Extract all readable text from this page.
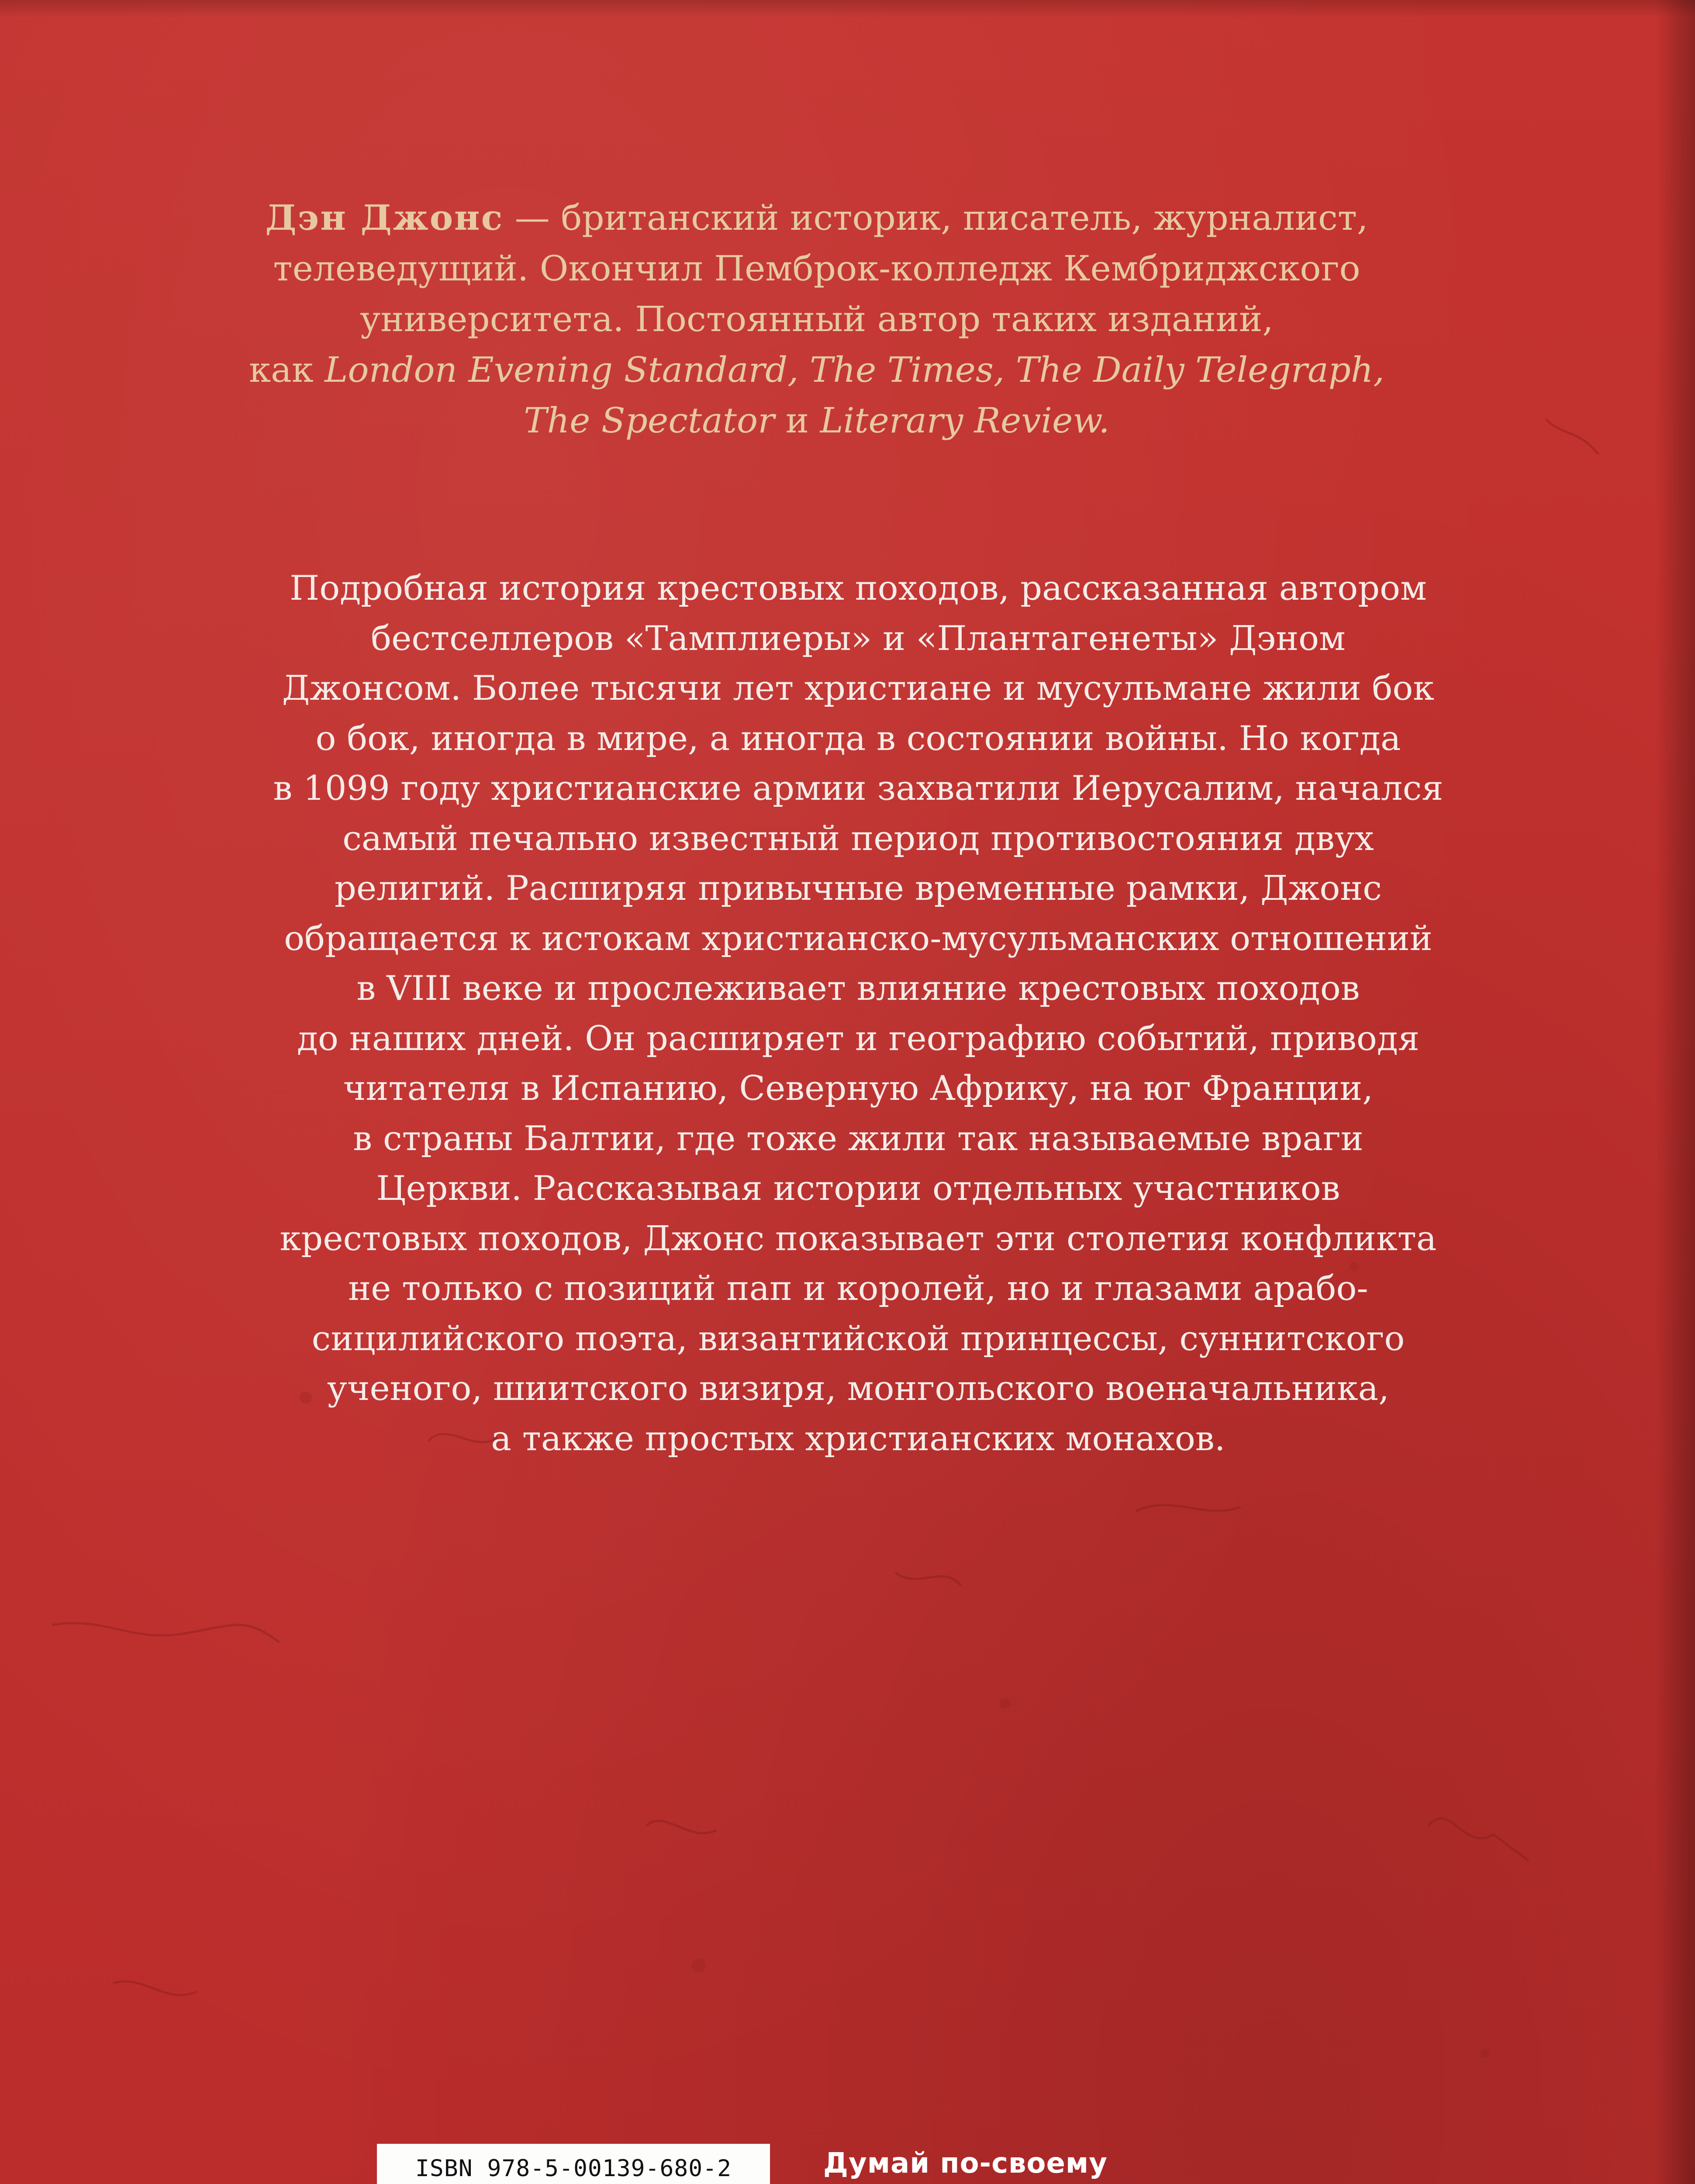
Дэн Джонс — британский историк, писатель, журналист,
телеведущий. Окончил Пемброк-колледж Кембриджского
университета. Постоянный автор таких изданий,
как London Evening Standard, The Times, The Daily Telegraph,
The Spectator и Literary Review.
Подробная история крестовых походов, рассказанная автором
бестселлеров «Тамплиеры» и «Плантагенеты» Дэном
Джонсом. Более тысячи лет христиане и мусульмане жили бок
о бок, иногда в мире, а иногда в состоянии войны. Но когда
в 1099 году христианские армии захватили Иерусалим, начался
самый печально известный период противостояния двух
религий. Расширяя привычные временные рамки, Джонс
обращается к истокам христианско-мусульманских отношений
в VIII веке и прослеживает влияние крестовых походов
до наших дней. Он расширяет и географию событий, приводя
читателя в Испанию, Северную Африку, на юг Франции,
в страны Балтии, где тоже жили так называемые враги
Церкви. Рассказывая истории отдельных участников
крестовых походов, Джонс показывает эти столетия конфликта
не только с позиций пап и королей, но и глазами арабо-
сицилийского поэта, византийской принцессы, суннитского
ученого, шиитского визиря, монгольского военачальника,
а также простых христианских монахов.
ISBN 978-5-00139-680-2	Думай по-своему
